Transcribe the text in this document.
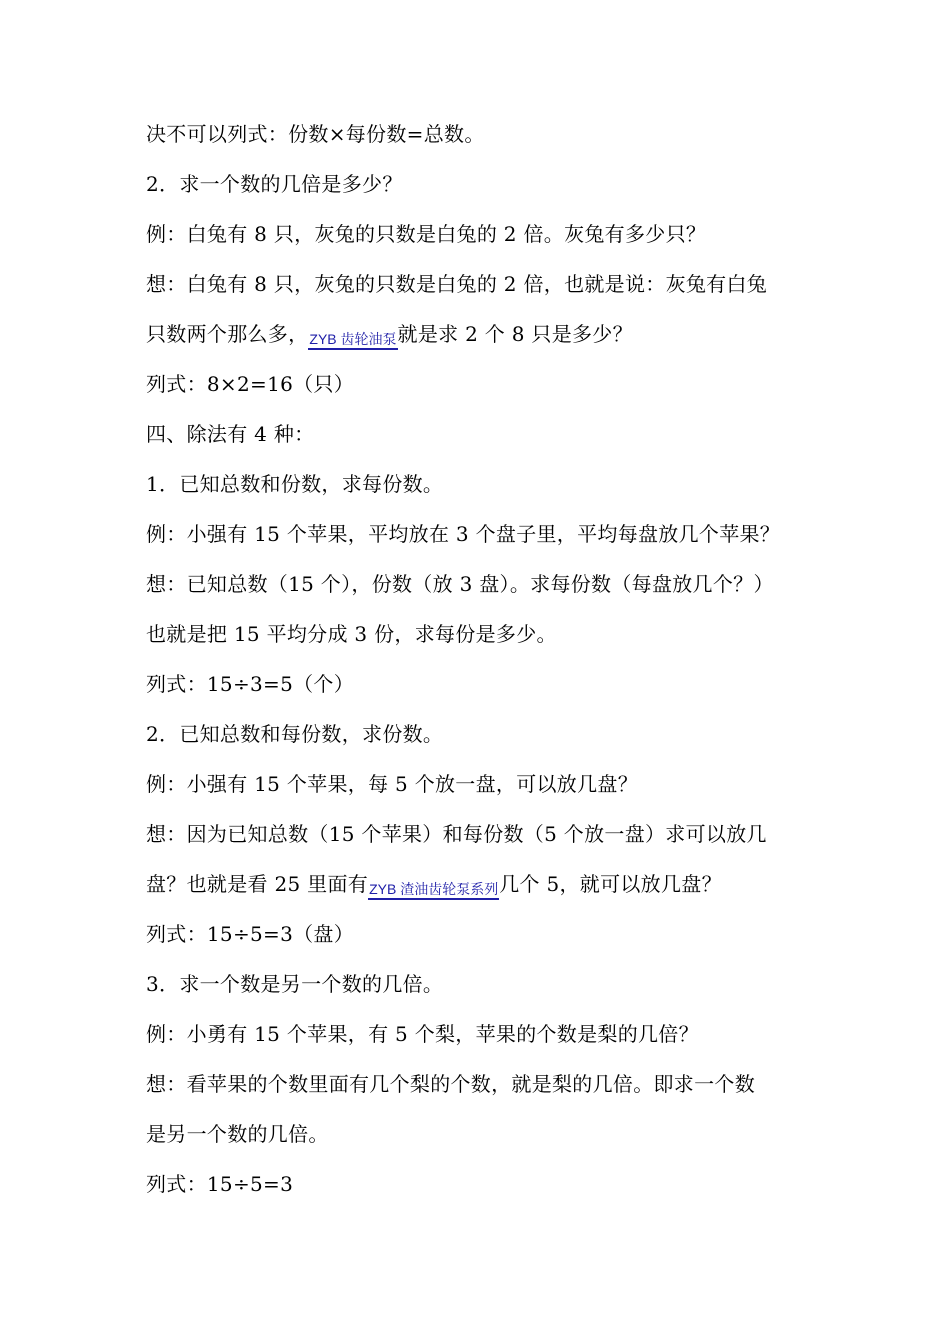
决不可以列式：份数×每份数=总数。
2．求一个数的几倍是多少？
例：白兔有 8 只，灰兔的只数是白兔的 2 倍。灰兔有多少只？
想：白兔有 8 只，灰兔的只数是白兔的 2 倍，也就是说：灰兔有白兔
只数两个那么多，ZYB 齿轮油泵就是求 2 个 8 只是多少？
列式：8×2=16（只）
四、除法有 4 种：
1．已知总数和份数，求每份数。
例：小强有 15 个苹果，平均放在 3 个盘子里，平均每盘放几个苹果？
想：已知总数（15 个），份数（放 3 盘）。求每份数（每盘放几个？）
也就是把 15 平均分成 3 份，求每份是多少。
列式：15÷3=5（个）
2．已知总数和每份数，求份数。
例：小强有 15 个苹果，每 5 个放一盘，可以放几盘？
想：因为已知总数（15 个苹果）和每份数（5 个放一盘）求可以放几
盘？也就是看 25 里面有ZYB 渣油齿轮泵系列几个 5，就可以放几盘？
列式：15÷5=3（盘）
3．求一个数是另一个数的几倍。
例：小勇有 15 个苹果，有 5 个梨，苹果的个数是梨的几倍？
想：看苹果的个数里面有几个梨的个数，就是梨的几倍。即求一个数
是另一个数的几倍。
列式：15÷5=3
